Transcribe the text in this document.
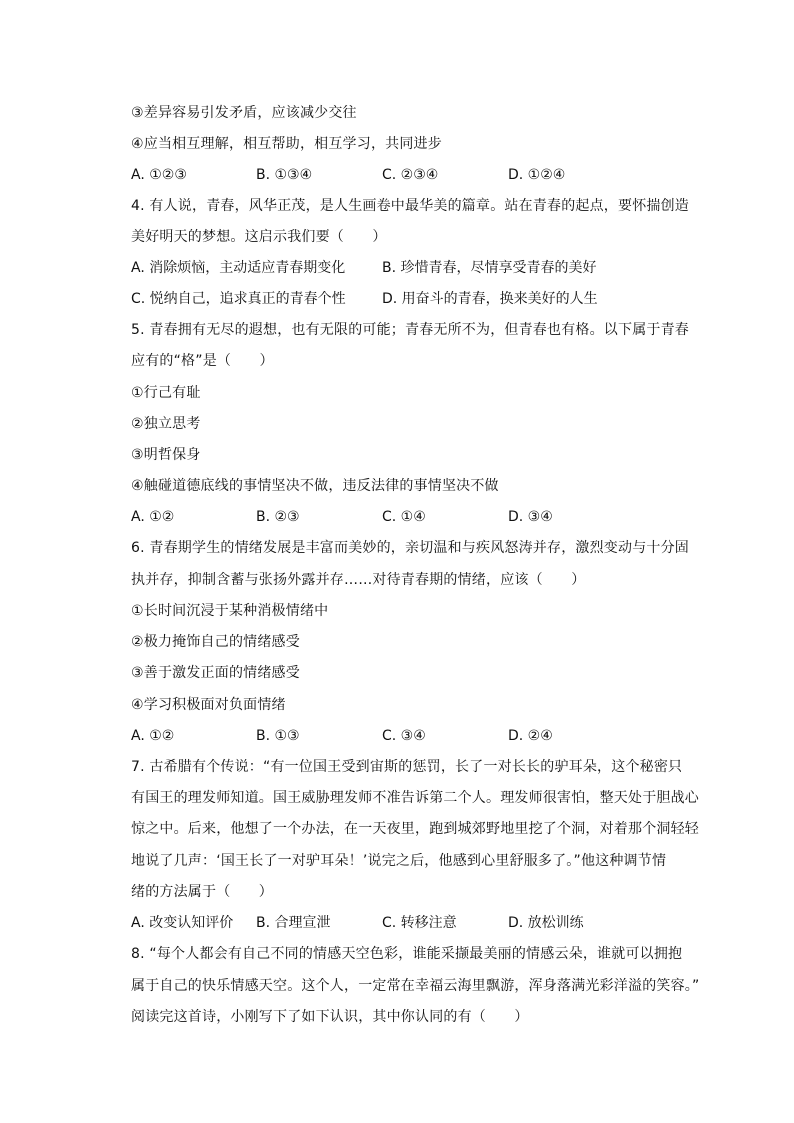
③差异容易引发矛盾，应该减少交往
④应当相互理解，相互帮助，相互学习，共同进步
A. ①②③	B. ①③④	C. ②③④	D. ①②④
4. 有人说，青春，风华正茂，是人生画卷中最华美的篇章。站在青春的起点，要怀揣创造
美好明天的梦想。这启示我们要（　　）
A. 消除烦恼，主动适应青春期变化	B. 珍惜青春，尽情享受青春的美好
C. 悦纳自己，追求真正的青春个性	D. 用奋斗的青春，换来美好的人生
5. 青春拥有无尽的遐想，也有无限的可能；青春无所不为，但青春也有格。以下属于青春
应有的“格”是（　　）
①行己有耻
②独立思考
③明哲保身
④触碰道德底线的事情坚决不做，违反法律的事情坚决不做
A. ①②	B. ②③	C. ①④	D. ③④
6. 青春期学生的情绪发展是丰富而美妙的，亲切温和与疾风怒涛并存，激烈变动与十分固
执并存，抑制含蓄与张扬外露并存……对待青春期的情绪，应该（　　）
①长时间沉浸于某种消极情绪中
②极力掩饰自己的情绪感受
③善于激发正面的情绪感受
④学习积极面对负面情绪
A. ①②	B. ①③	C. ③④	D. ②④
7. 古希腊有个传说：“有一位国王受到宙斯的惩罚，长了一对长长的驴耳朵，这个秘密只
有国王的理发师知道。国王威胁理发师不准告诉第二个人。理发师很害怕，整天处于胆战心
惊之中。后来，他想了一个办法，在一天夜里，跑到城郊野地里挖了个洞，对着那个洞轻轻
地说了几声：‘国王长了一对驴耳朵！’说完之后，他感到心里舒服多了。”他这种调节情
绪的方法属于（　　）
A. 改变认知评价 B. 合理宣泄	C. 转移注意	D. 放松训练
8. “每个人都会有自己不同的情感天空色彩，谁能采撷最美丽的情感云朵，谁就可以拥抱
属于自己的快乐情感天空。这个人，一定常在幸福云海里飘游，浑身落满光彩洋溢的笑容。”
阅读完这首诗，小刚写下了如下认识，其中你认同的有（　　）
